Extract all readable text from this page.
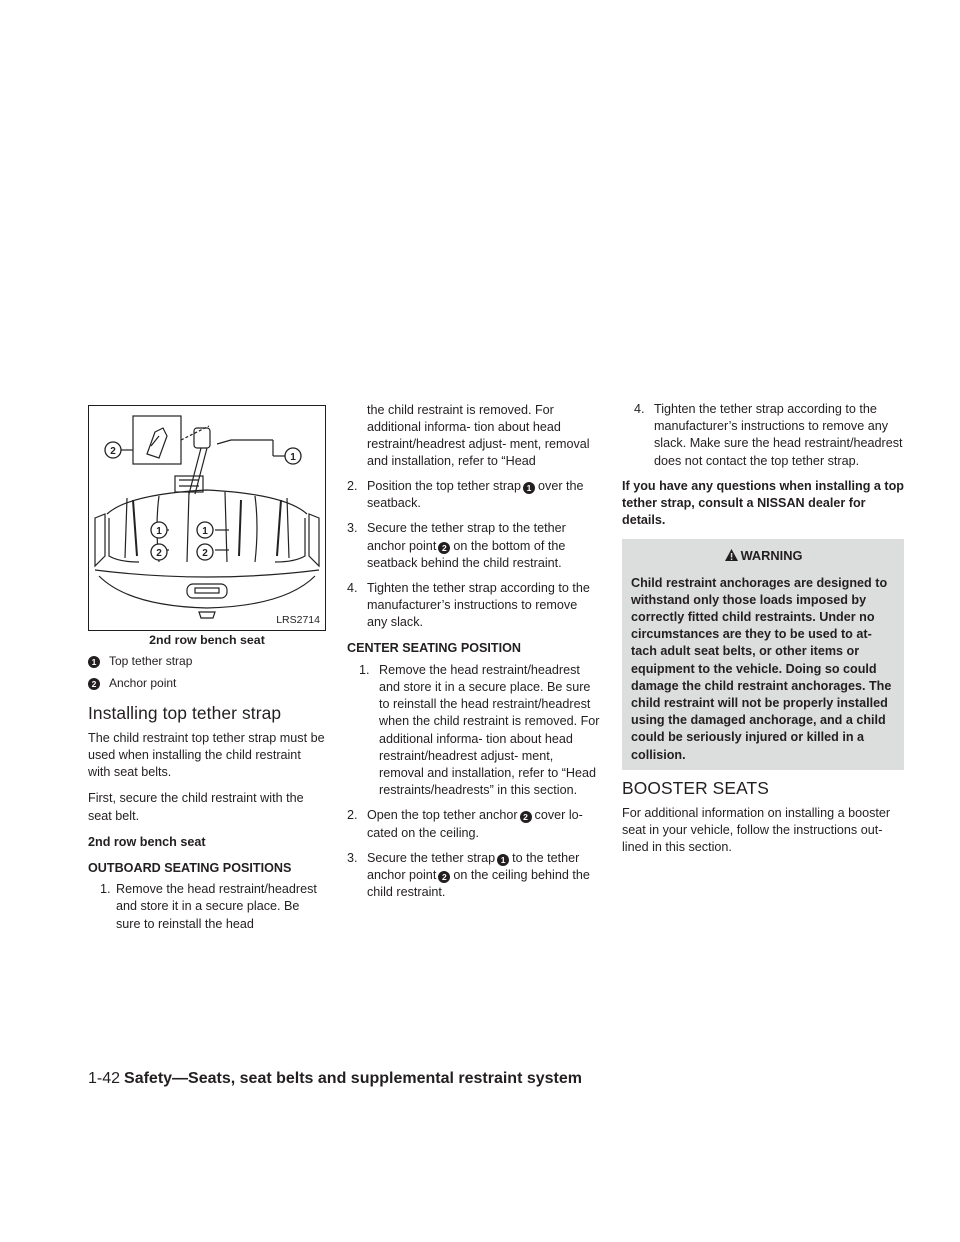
2
1
1	1
2	2
LRS2714
2nd row bench seat
1	Top tether strap
2	Anchor point
Installing top tether strap

The child restraint top tether strap must be used when installing the child restraint with seat belts.

First, secure the child restraint with the seat belt.

2nd row bench seat
OUTBOARD SEATING POSITIONS
1. Remove the head restraint/headrest and store it in a secure place. Be sure to reinstall the head
the child restraint is removed. For additional informa- tion about head restraint/headrest adjust- ment, removal and installation, refer to “Head
2. Position the top tether strap 1 over the seatback.
3. Secure the tether strap to the tether anchor point 2 on the bottom of the seatback behind the child restraint.
4. Tighten the tether strap according to the manufacturer’s instructions to remove any slack.
CENTER SEATING POSITION
1. Remove the head restraint/headrest and store it in a secure place. Be sure to reinstall the head restraint/headrest when the child restraint is removed. For additional informa- tion about head restraint/headrest adjust- ment, removal and installation, refer to “Head restraints/headrests” in this section.
2. Open the top tether anchor 2 cover lo- cated on the ceiling.
3. Secure the tether strap 1 to the tether anchor point 2 on the ceiling behind the child restraint.
4. Tighten the tether strap according to the manufacturer’s instructions to remove any slack. Make sure the head restraint/headrest does not contact the top tether strap.

If you have any questions when installing a top tether strap, consult a NISSAN dealer for details.

WARNING
Child restraint anchorages are designed to withstand only those loads imposed by correctly fitted child restraints. Under no circumstances are they to be used to at- tach adult seat belts, or other items or equipment to the vehicle. Doing so could damage the child restraint anchorages. The child restraint will not be properly installed using the damaged anchorage, and a child could be seriously injured or killed in a collision.
BOOSTER SEATS

For additional information on installing a booster seat in your vehicle, follow the instructions out- lined in this section.

1-42 Safety—Seats, seat belts and supplemental restraint system
